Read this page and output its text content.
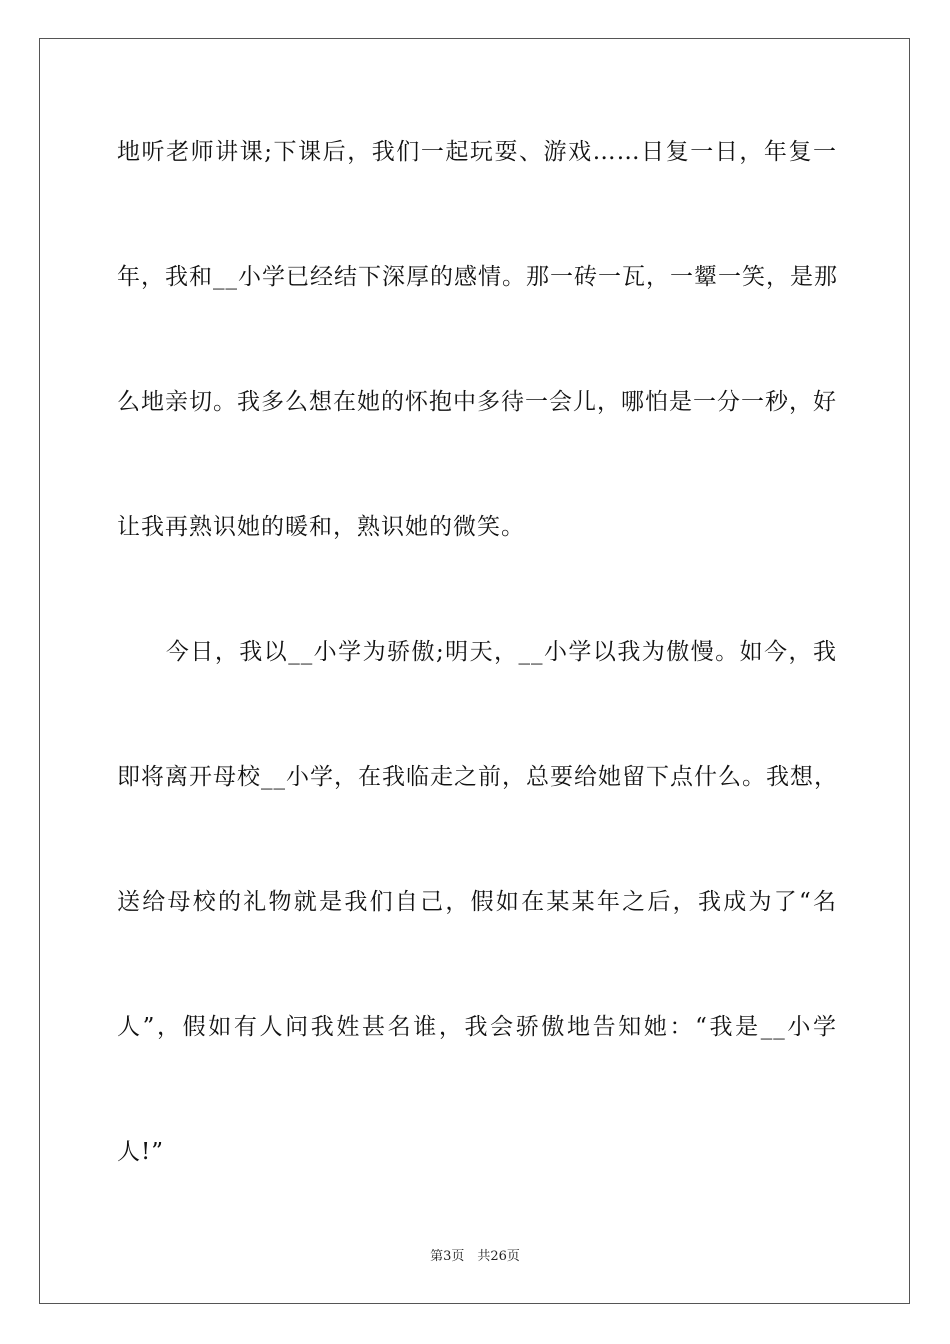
地听老师讲课;下课后，我们一起玩耍、游戏……日复一日，年复一
年，我和__小学已经结下深厚的感情。那一砖一瓦，一颦一笑，是那
么地亲切。我多么想在她的怀抱中多待一会儿，哪怕是一分一秒，好
让我再熟识她的暖和，熟识她的微笑。
　　今日，我以__小学为骄傲;明天，__小学以我为傲慢。如今，我
即将离开母校__小学，在我临走之前，总要给她留下点什么。我想，
送给母校的礼物就是我们自己，假如在某某年之后，我成为了“名
人”，假如有人问我姓甚名谁，我会骄傲地告知她：“我是__小学
人!”
第3页　共26页
